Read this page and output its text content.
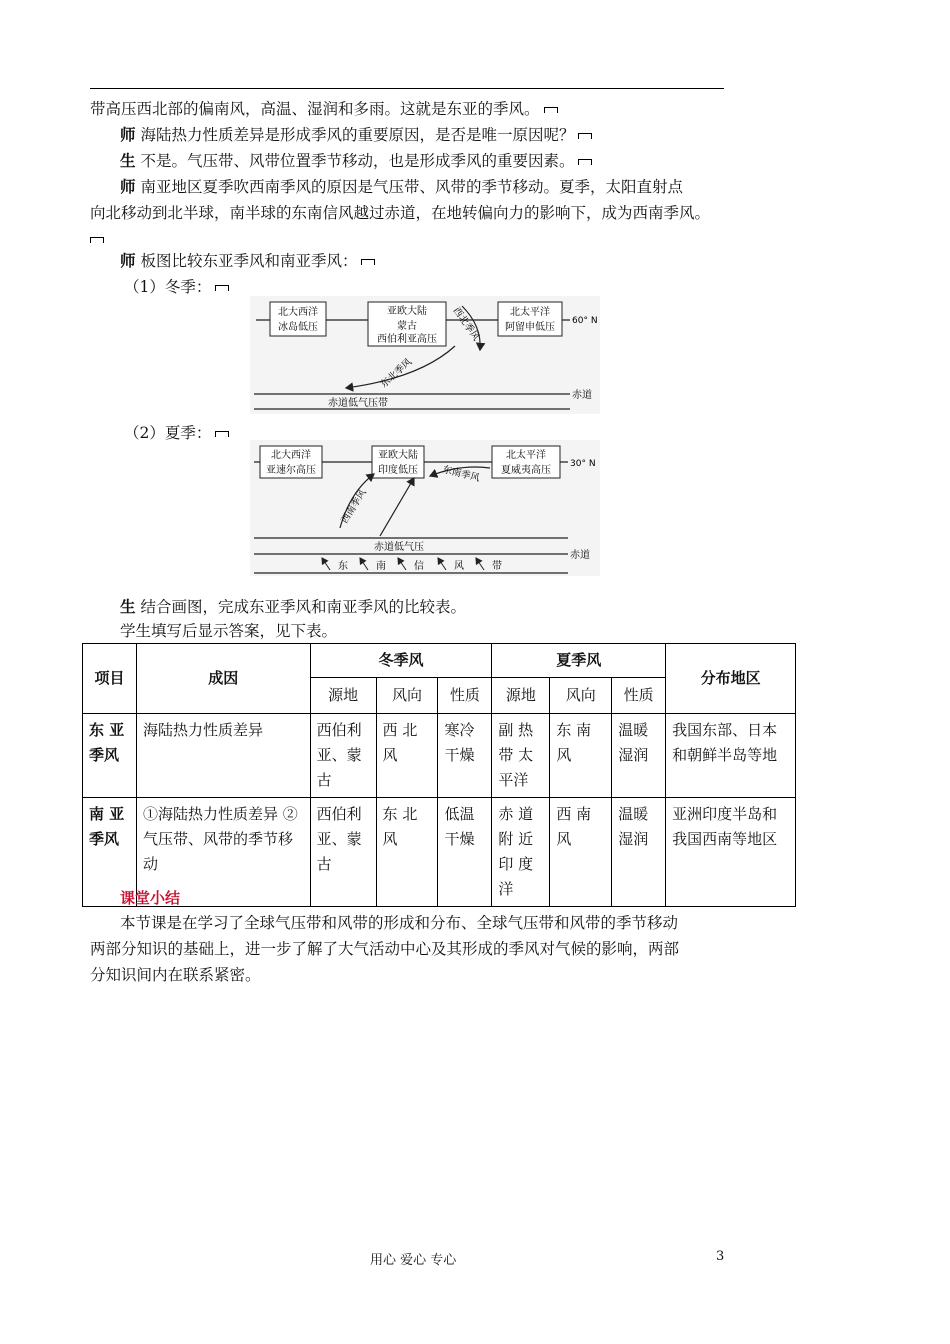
带高压西北部的偏南风，高温、湿润和多雨。这就是东亚的季风。
师 海陆热力性质差异是形成季风的重要原因，是否是唯一原因呢？
生 不是。气压带、风带位置季节移动，也是形成季风的重要因素。
师 南亚地区夏季吹西南季风的原因是气压带、风带的季节移动。夏季，太阳直射点
向北移动到北半球，南半球的东南信风越过赤道，在地转偏向力的影响下，成为西南季风。
师 板图比较东亚季风和南亚季风：
（1）冬季：
北大西洋
冰岛低压
亚欧大陆
蒙古
西伯利亚高压
北太平洋
阿留申低压
60° N
西北季风
东北季风
赤道低气压带
赤道
（2）夏季：
北大西洋
亚速尔高压
亚欧大陆
印度低压
北太平洋
夏威夷高压
30° N
东南季风
西南季风
赤道低气压
赤道
东	南	信	风	带
生 结合画图，完成东亚季风和南亚季风的比较表。
学生填写后显示答案，见下表。
项目	成因	冬季风			夏季风			分布地区
		源地	风向	性质	源地	风向	性质	
东 亚 季风	海陆热力性质差异	西伯利亚、蒙古	西 北 风	寒冷干燥	副 热 带 太 平洋	东 南 风	温暖湿润	我国东部、日本和朝鲜半岛等地
南 亚 季风	①海陆热力性质差异 ②气压带、风带的季节移动	西伯利亚、蒙古	东 北 风	低温干燥	赤 道 附 近 印 度 洋	西 南 风	温暖湿润	亚洲印度半岛和我国西南等地区
课堂小结
本节课是在学习了全球气压带和风带的形成和分布、全球气压带和风带的季节移动
两部分知识的基础上，进一步了解了大气活动中心及其形成的季风对气候的影响，两部
分知识间内在联系紧密。
用心 爱心 专心	3
